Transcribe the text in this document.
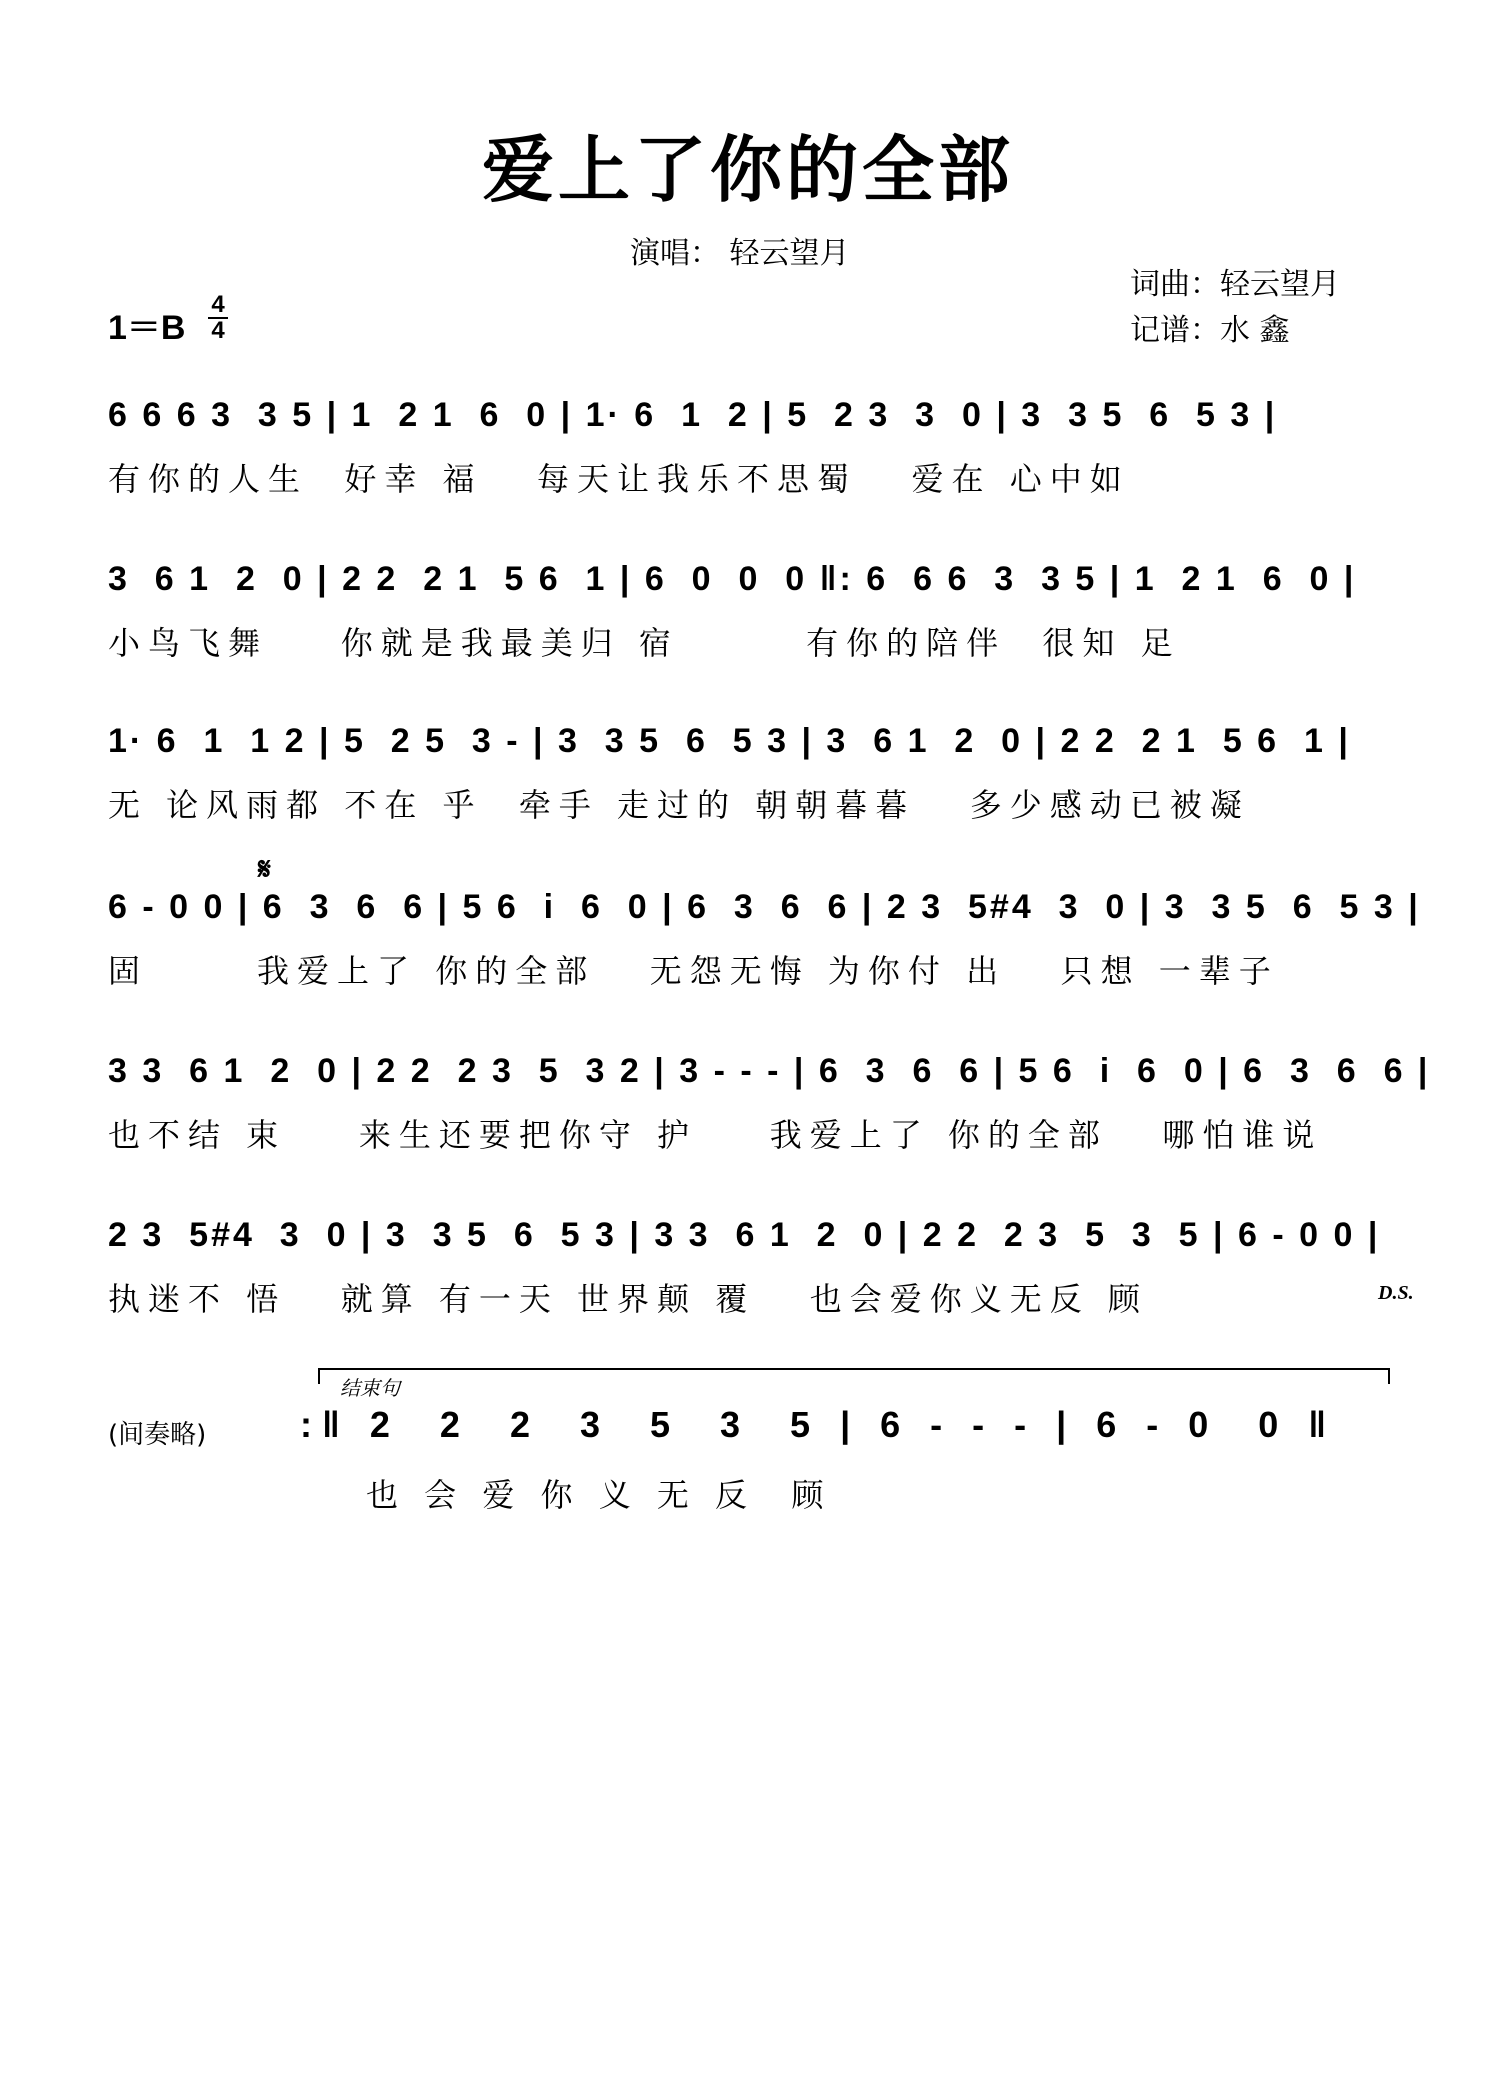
爱上了你的全部
演唱： 轻云望月
词曲：轻云望月
记谱：水 鑫
1＝B
4
4
6 6 6 3  3 5 | 1  2 1  6  0 | 1· 6  1  2 | 5  2 3  3  0 | 3  3 5  6  5 3 |
有你的人生  好幸 福   每天让我乐不思蜀   爱在 心中如
3  6 1  2  0 | 2 2  2 1  5 6  1 | 6  0  0  0 ‖: 6  6 6  3  3 5 | 1  2 1  6  0 |
小鸟飞舞    你就是我最美归 宿       有你的陪伴  很知 足
1· 6  1  1 2 | 5  2 5  3 - | 3  3 5  6  5 3 | 3  6 1  2  0 | 2 2  2 1  5 6  1 |
无 论风雨都 不在 乎  牵手 走过的 朝朝暮暮   多少感动已被凝
𝄋
6 - 0 0 | 6  3  6  6 | 5 6  i  6  0 | 6  3  6  6 | 2 3  5#4  3  0 | 3  3 5  6  5 3 |
固      我爱上了 你的全部   无怨无悔 为你付 出   只想 一辈子
3 3  6 1  2  0 | 2 2  2 3  5  3 2 | 3 - - - | 6  3  6  6 | 5 6  i  6  0 | 6  3  6  6 |
也不结 束    来生还要把你守 护    我爱上了 你的全部   哪怕谁说
2 3  5#4  3  0 | 3  3 5  6  5 3 | 3 3  6 1  2  0 | 2 2  2 3  5  3  5 | 6 - 0 0 |
执迷不 悟   就算 有一天 世界颠 覆   也会爱你义无反 顾	D.S.
结束句
(间奏略)	:‖ 2  2  2  3  5  3  5 | 6 - - - | 6 - 0  0 ‖
也 会 爱 你 义 无 反  顾
